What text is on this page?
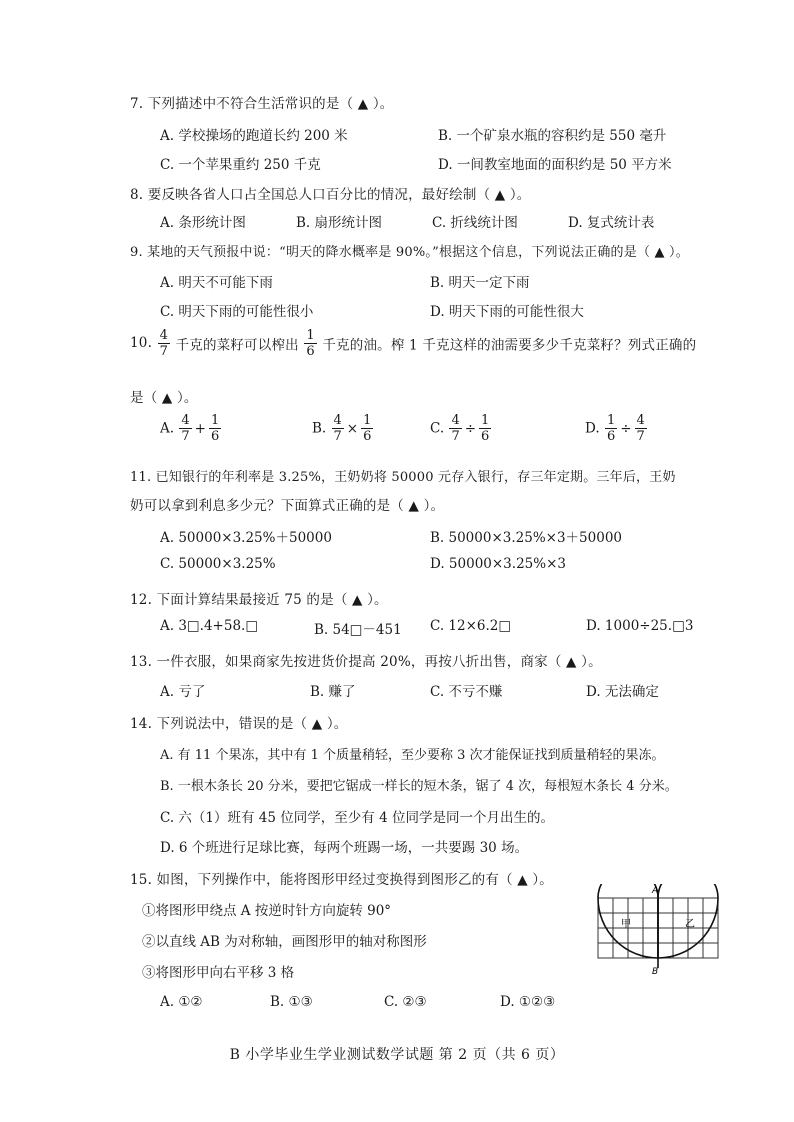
7. 下列描述中不符合生活常识的是（ ▲ ）。
A. 学校操场的跑道长约 200 米	B. 一个矿泉水瓶的容积约是 550 毫升
C. 一个苹果重约 250 千克	D. 一间教室地面的面积约是 50 平方米
8. 要反映各省人口占全国总人口百分比的情况，最好绘制（ ▲ ）。
A. 条形统计图	B. 扇形统计图	C. 折线统计图	D. 复式统计表
9. 某地的天气预报中说：“明天的降水概率是 90%。”根据这个信息，下列说法正确的是（ ▲ ）。
A. 明天不可能下雨	B. 明天一定下雨
C. 明天下雨的可能性很小	D. 明天下雨的可能性很大
10. $\frac{4}{7}$ 千克的菜籽可以榨出 $\frac{1}{6}$ 千克的油。榨 1 千克这样的油需要多少千克菜籽？列式正确的
是（ ▲ ）。
A. $\frac{4}{7} + \frac{1}{6}$	B. $\frac{4}{7} \times \frac{1}{6}$	C. $\frac{4}{7} \div \frac{1}{6}$	D. $\frac{1}{6} \div \frac{4}{7}$
11. 已知银行的年利率是 3.25%，王奶奶将 50000 元存入银行，存三年定期。三年后，王奶
奶可以拿到利息多少元？下面算式正确的是（ ▲ ）。
A. 50000×3.25%＋50000	B. 50000×3.25%×3＋50000
C. 50000×3.25%	D. 50000×3.25%×3
12. 下面计算结果最接近 75 的是（ ▲ ）。
A. 3□.4+58.□	B. 54□－451 C. 12×6.2□	D. 1000÷25.□3
13. 一件衣服，如果商家先按进货价提高 20%，再按八折出售，商家（ ▲ ）。
A. 亏了	B. 赚了	C. 不亏不赚	D. 无法确定
14. 下列说法中，错误的是（ ▲ ）。
A. 有 11 个果冻，其中有 1 个质量稍轻，至少要称 3 次才能保证找到质量稍轻的果冻。
B. 一根木条长 20 分米，要把它锯成一样长的短木条，锯了 4 次，每根短木条长 4 分米。
C. 六（1）班有 45 位同学，至少有 4 位同学是同一个月出生的。
D. 6 个班进行足球比赛，每两个班踢一场，一共要踢 30 场。
15. 如图，下列操作中，能将图形甲经过变换得到图形乙的有（ ▲ ）。
①将图形甲绕点 A 按逆时针方向旋转 90°
②以直线 AB 为对称轴，画图形甲的轴对称图形
③将图形甲向右平移 3 格
A. ①②	B. ①③	C. ②③	D. ①②③
A
B
甲	乙
B 小学毕业生学业测试数学试题 第 2 页（共 6 页）
